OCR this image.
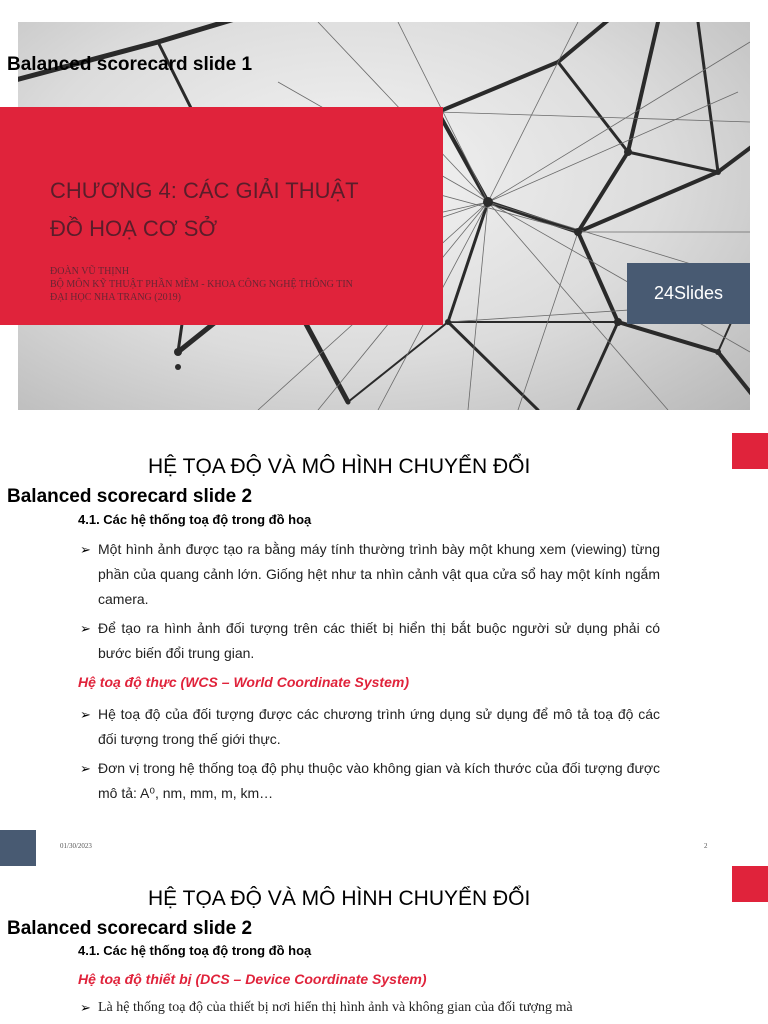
Balanced scorecard slide 1
CHƯƠNG 4: CÁC GIẢI THUẬT
ĐỒ HOẠ CƠ SỞ
ĐOÀN VŨ THỊNH
BỘ MÔN KỸ THUẬT PHẦN MỀM - KHOA CÔNG NGHỆ THÔNG TIN
ĐẠI HỌC NHA TRANG (2019)	24Slides
HỆ TỌA ĐỘ VÀ MÔ HÌNH CHUYỂN ĐỔI
Balanced scorecard slide 2
4.1. Các hệ thống toạ độ trong đồ hoạ
➢ Một hình ảnh được tạo ra bằng máy tính thường trình bày một khung xem (viewing) từng phần của quang cảnh lớn. Giống hệt như ta nhìn cảnh vật qua cửa sổ hay một kính ngắm camera.
➢ Để tạo ra hình ảnh đối tượng trên các thiết bị hiển thị bắt buộc người sử dụng phải có bước biến đổi trung gian.
Hệ toạ độ thực (WCS – World Coordinate System)
➢ Hệ toạ độ của đối tượng được các chương trình ứng dụng sử dụng để mô tả toạ độ các đối tượng trong thế giới thực.
➢ Đơn vị trong hệ thống toạ độ phụ thuộc vào không gian và kích thước của đối tượng được mô tả: A⁰, nm, mm, m, km…
01/30/2023	2
HỆ TỌA ĐỘ VÀ MÔ HÌNH CHUYỂN ĐỔI
Balanced scorecard slide 2
4.1. Các hệ thống toạ độ trong đồ hoạ
Hệ toạ độ thiết bị (DCS – Device Coordinate System)
➢ Là hệ thống toạ độ của thiết bị nơi hiển thị hình ảnh và không gian của đối tượng mà
